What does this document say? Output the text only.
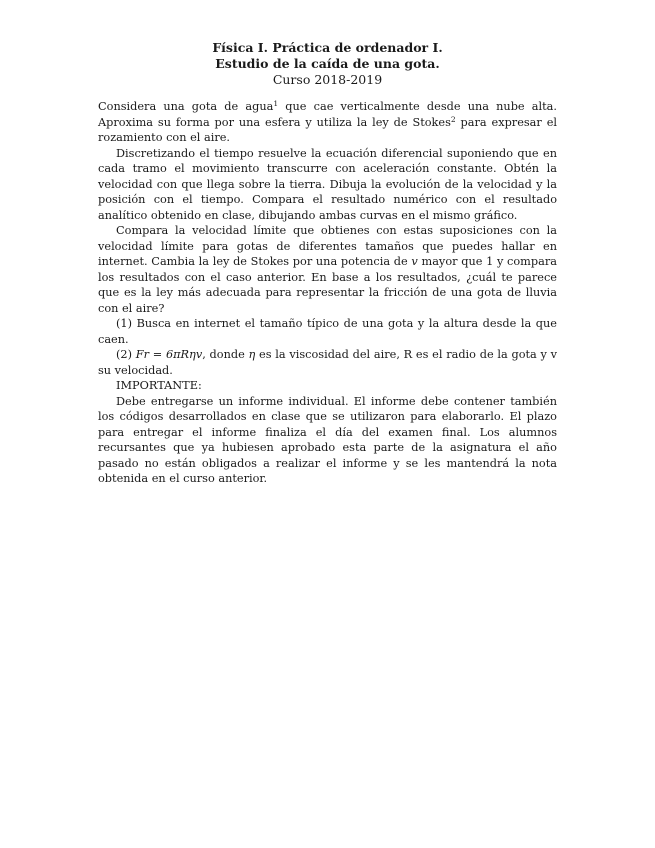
Física I. Práctica de ordenador I.
Estudio de la caída de una gota.
Curso 2018-2019

Considera una gota de agua$^1$ que cae verticalmente desde una nube alta. Aproxima su forma por una esfera y utiliza la ley de Stokes$^2$ para expresar el rozamiento con el aire.

Discretizando el tiempo resuelve la ecuación diferencial suponiendo que en cada tramo el movimiento transcurre con aceleración constante. Obtén la velocidad con que llega sobre la tierra. Dibuja la evolución de la velocidad y la posición con el tiempo. Compara el resultado numérico con el resultado analítico obtenido en clase, dibujando ambas curvas en el mismo gráfico.

Compara la velocidad límite que obtienes con estas suposiciones con la velocidad límite para gotas de diferentes tamaños que puedes hallar en internet. Cambia la ley de Stokes por una potencia de v mayor que 1 y compara los resultados con el caso anterior. En base a los resultados, ¿cuál te parece que es la ley más adecuada para representar la fricción de una gota de lluvia con el aire?

(1) Busca en internet el tamaño típico de una gota y la altura desde la que caen.

(2) Fr = 6πRηv, donde η es la viscosidad del aire, R es el radio de la gota y v su velocidad.

IMPORTANTE:

Debe entregarse un informe individual. El informe debe contener también los códigos desarrollados en clase que se utilizaron para elaborarlo. El plazo para entregar el informe finaliza el día del examen final. Los alumnos recursantes que ya hubiesen aprobado esta parte de la asignatura el año pasado no están obligados a realizar el informe y se les mantendrá la nota obtenida en el curso anterior.
